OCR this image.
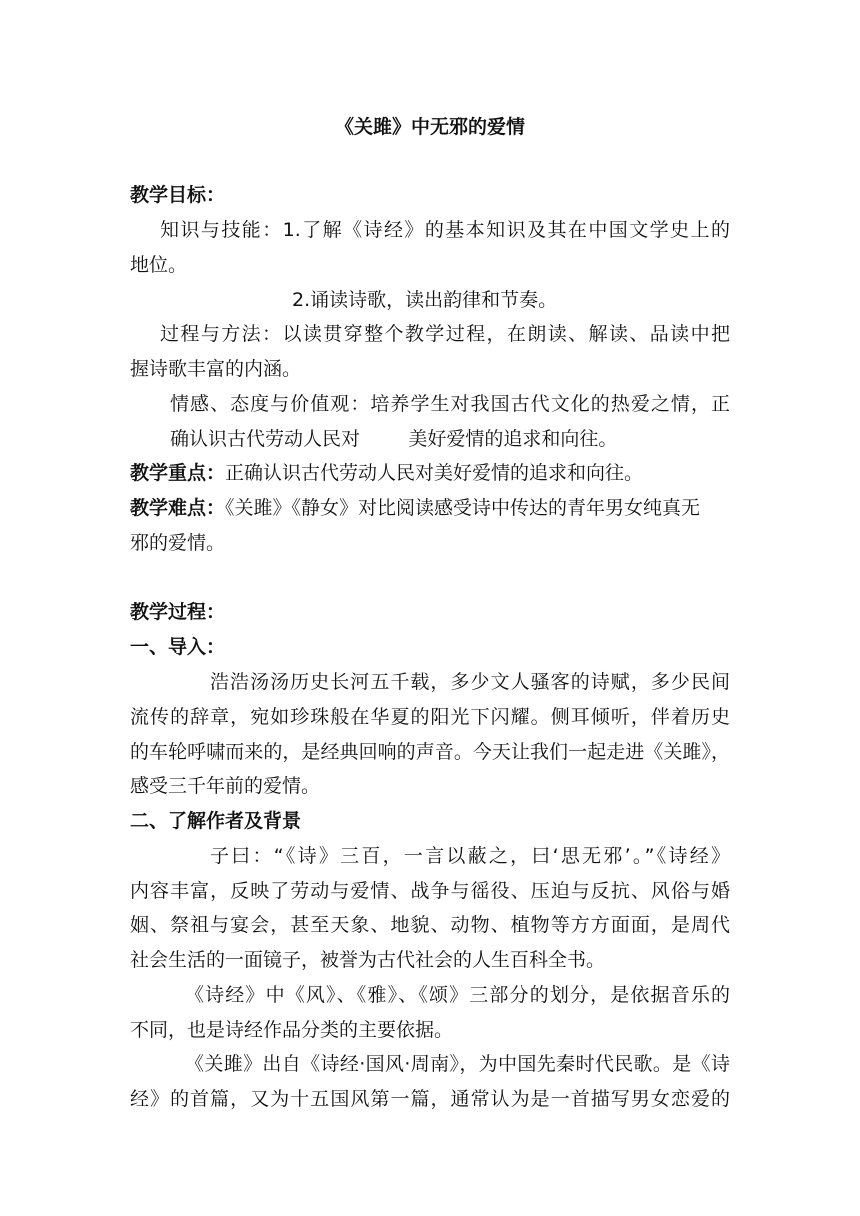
《关雎》中无邪的爱情
教学目标：
知识与技能：1.了解《诗经》的基本知识及其在中国文学史上的
地位。
2.诵读诗歌，读出韵律和节奏。
过程与方法：以读贯穿整个教学过程，在朗读、解读、品读中把
握诗歌丰富的内涵。
情感、态度与价值观：培养学生对我国古代文化的热爱之情，正
确认识古代劳动人民对        美好爱情的追求和向往。
教学重点：正确认识古代劳动人民对美好爱情的追求和向往。
教学难点：《关雎》《静女》对比阅读感受诗中传达的青年男女纯真无
邪的爱情。
教学过程：
一、导入：
浩浩汤汤历史长河五千载，多少文人骚客的诗赋，多少民间
流传的辞章，宛如珍珠般在华夏的阳光下闪耀。侧耳倾听，伴着历史
的车轮呼啸而来的，是经典回响的声音。今天让我们一起走进《关雎》，
感受三千年前的爱情。
二、了解作者及背景
子曰：“《诗》三百，一言以蔽之，曰‘思无邪’。”《诗经》
内容丰富，反映了劳动与爱情、战争与徭役、压迫与反抗、风俗与婚
姻、祭祖与宴会，甚至天象、地貌、动物、植物等方方面面，是周代
社会生活的一面镜子，被誉为古代社会的人生百科全书。
《诗经》中《风》、《雅》、《颂》三部分的划分，是依据音乐的
不同，也是诗经作品分类的主要依据。
《关雎》出自《诗经·国风·周南》，为中国先秦时代民歌。是《诗
经》的首篇，又为十五国风第一篇，通常认为是一首描写男女恋爱的
